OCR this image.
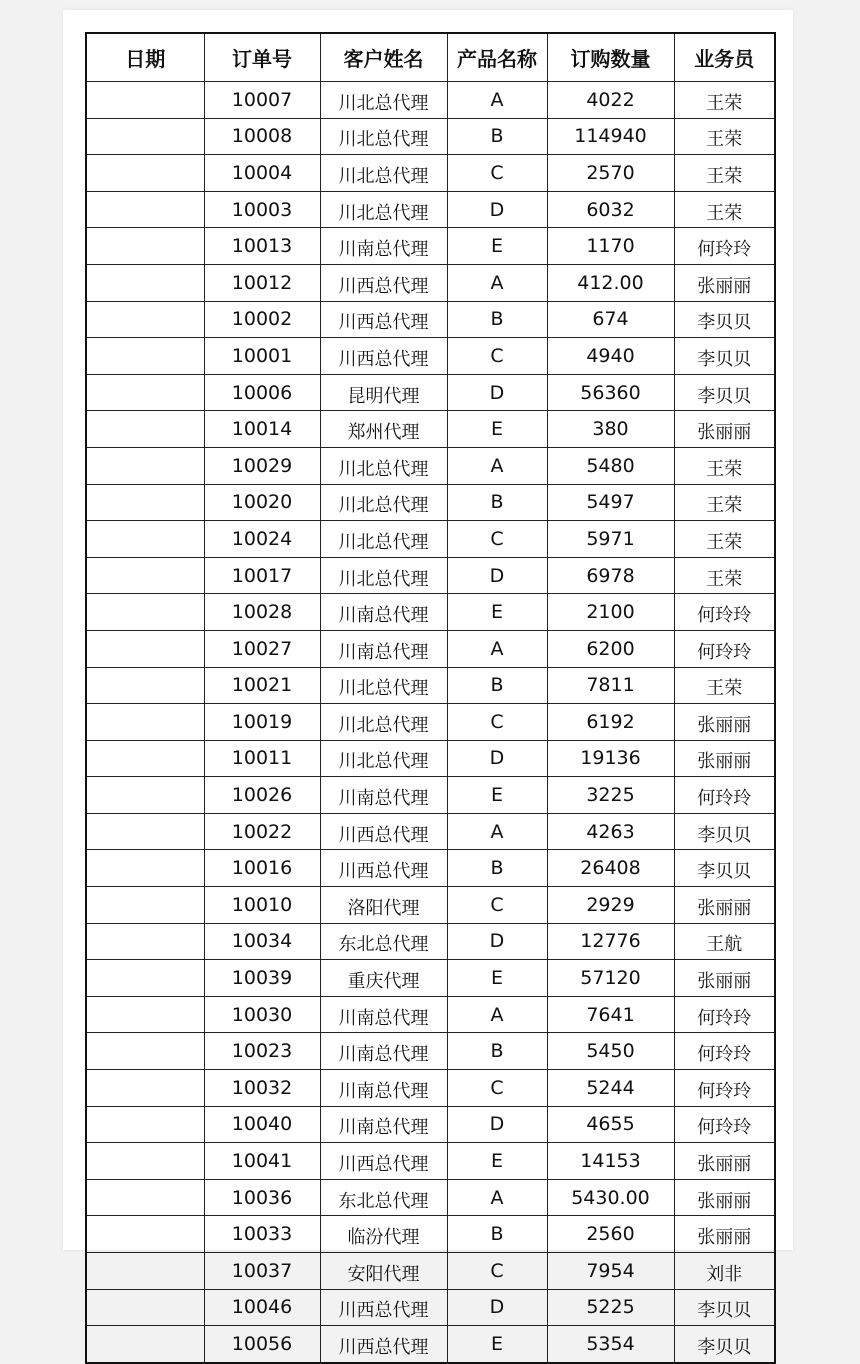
日期	订单号	客户姓名	产品名称	订购数量	业务员
	10007	川北总代理	A	4022	王荣
	10008	川北总代理	B	114940	王荣
	10004	川北总代理	C	2570	王荣
	10003	川北总代理	D	6032	王荣
	10013	川南总代理	E	1170	何玲玲
	10012	川西总代理	A	412.00	张丽丽
	10002	川西总代理	B	674	李贝贝
	10001	川西总代理	C	4940	李贝贝
	10006	昆明代理	D	56360	李贝贝
	10014	郑州代理	E	380	张丽丽
	10029	川北总代理	A	5480	王荣
	10020	川北总代理	B	5497	王荣
	10024	川北总代理	C	5971	王荣
	10017	川北总代理	D	6978	王荣
	10028	川南总代理	E	2100	何玲玲
	10027	川南总代理	A	6200	何玲玲
	10021	川北总代理	B	7811	王荣
	10019	川北总代理	C	6192	张丽丽
	10011	川北总代理	D	19136	张丽丽
	10026	川南总代理	E	3225	何玲玲
	10022	川西总代理	A	4263	李贝贝
	10016	川西总代理	B	26408	李贝贝
	10010	洛阳代理	C	2929	张丽丽
	10034	东北总代理	D	12776	王航
	10039	重庆代理	E	57120	张丽丽
	10030	川南总代理	A	7641	何玲玲
	10023	川南总代理	B	5450	何玲玲
	10032	川南总代理	C	5244	何玲玲
	10040	川南总代理	D	4655	何玲玲
	10041	川西总代理	E	14153	张丽丽
	10036	东北总代理	A	5430.00	张丽丽
	10033	临汾代理	B	2560	张丽丽
	10037	安阳代理	C	7954	刘非
	10046	川西总代理	D	5225	李贝贝
	10056	川西总代理	E	5354	李贝贝
